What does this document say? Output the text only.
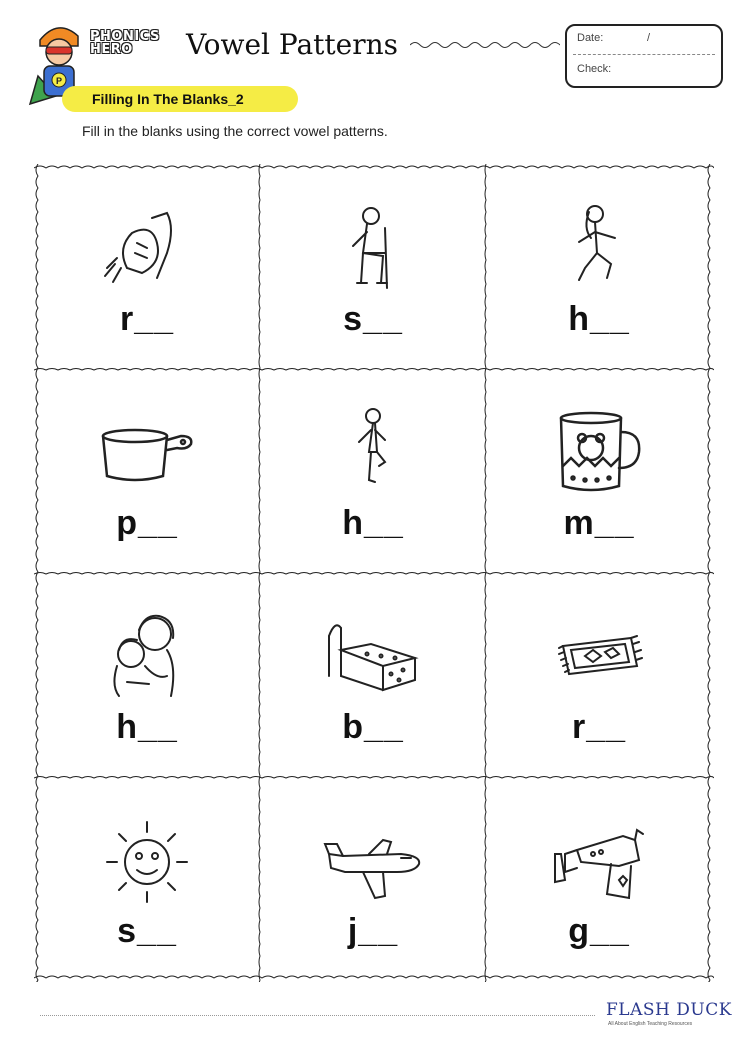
P
PHONICS
HERO	Vowel Patterns	Date:	/
Check:
Filling In The Blanks_2
Fill in the blanks using the correct vowel patterns.
r__	s__	h__
p__	h__	m__
h__	b__	r__
s__	j__	g__
FLASH DUCK
All About English Teaching Resources
